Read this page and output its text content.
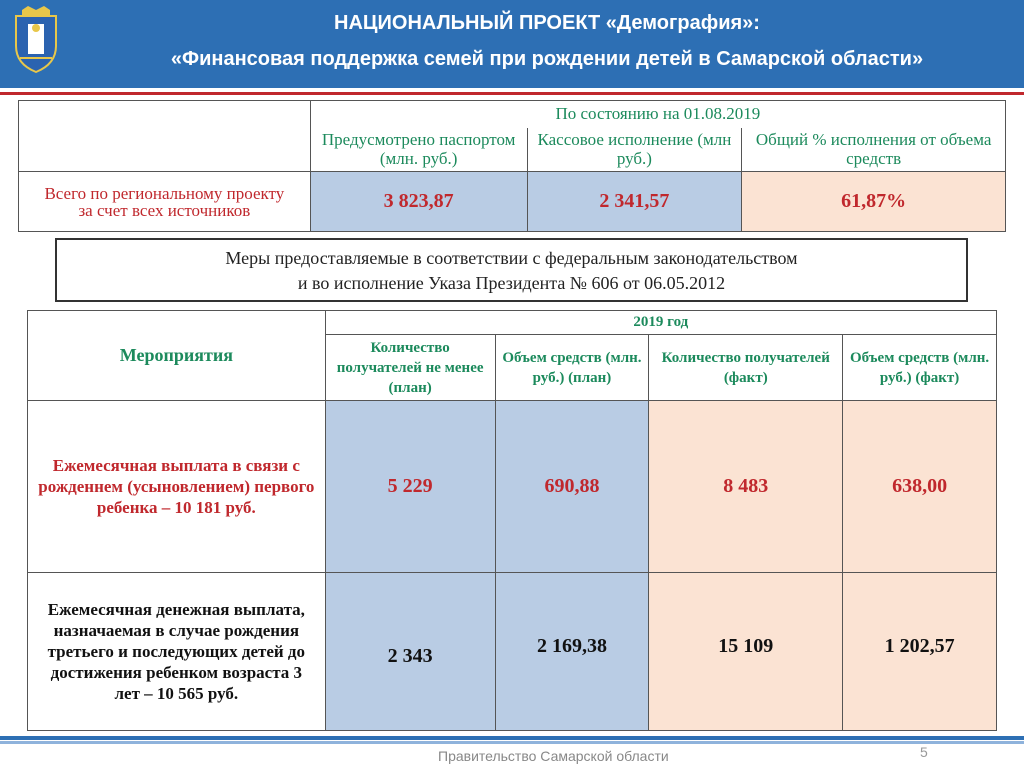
НАЦИОНАЛЬНЫЙ ПРОЕКТ «Демография»:
«Финансовая поддержка семей при рождении детей в Самарской области»
	По состоянию на 01.08.2019		
	Предусмотрено паспортом (млн. руб.)	Кассовое исполнение (млн руб.)	Общий % исполнения от объема средств
Всего по региональному проекту за счет всех источников	3 823,87	2 341,57	61,87%
Меры предоставляемые в соответствии с федеральным законодательством
и во исполнение Указа Президента № 606 от 06.05.2012
Мероприятия	2019 год			
	Количество получателей не менее (план)	Объем средств (млн. руб.) (план)	Количество получателей (факт)	Объем средств (млн. руб.) (факт)
Ежемесячная выплата в связи с рожденнем (усыновлением) первого ребенка – 10 181 руб.	5 229	690,88	8 483	638,00
Ежемесячная денежная выплата, назначаемая в случае рождения третьего и последующих детей до достижения ребенком возраста 3 лет – 10 565 руб.	2 343	2 169,38	15 109	1 202,57
Правительство Самарской области	5
